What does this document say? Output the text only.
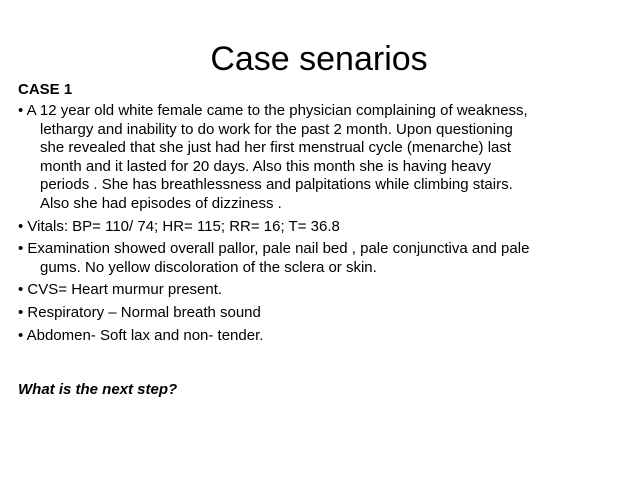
Case senarios
CASE 1
• A 12 year old white female came to the physician complaining of weakness,
lethargy and inability to do work for the past 2 month. Upon questioning
she revealed that she just had her first menstrual cycle (menarche) last
month and it lasted for 20 days. Also this month she is having heavy
periods . She has breathlessness and palpitations while climbing stairs.
Also she had episodes of dizziness .
• Vitals: BP= 110/ 74; HR= 115; RR= 16; T= 36.8
• Examination showed overall pallor, pale nail bed , pale conjunctiva and pale
gums. No yellow discoloration of the sclera or skin.
• CVS= Heart murmur present.
• Respiratory – Normal breath sound
• Abdomen- Soft lax and non- tender.
What is the next step?
